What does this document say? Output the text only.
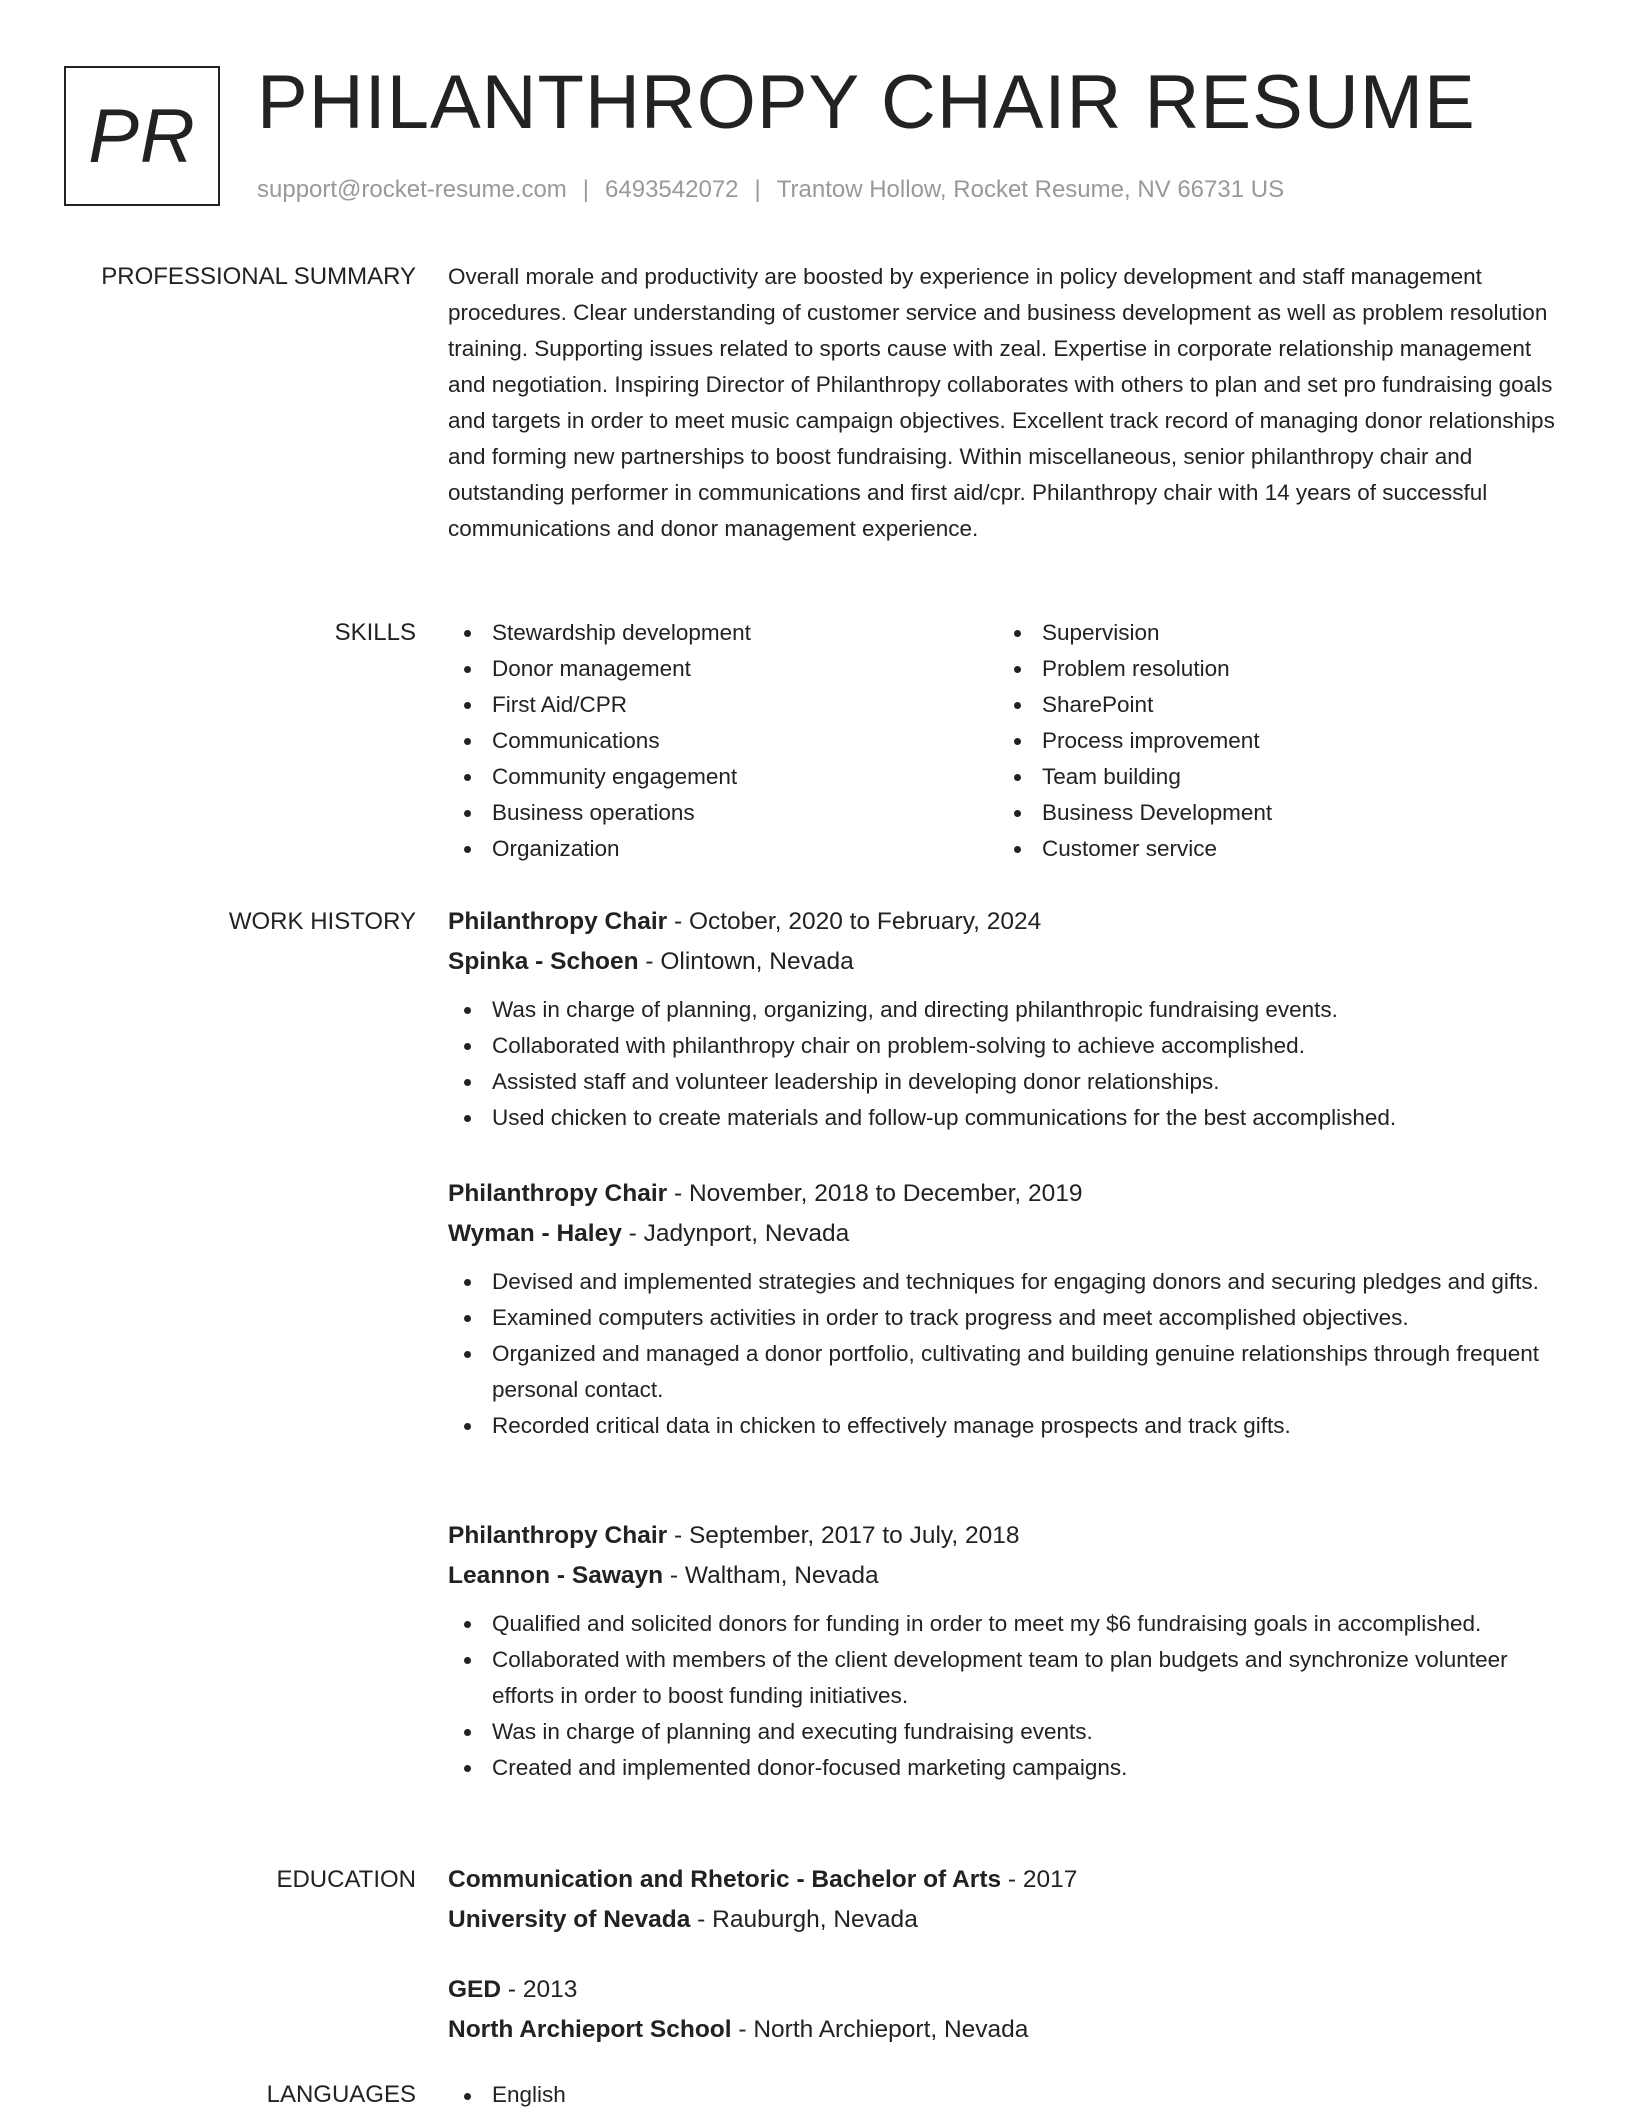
PR PHILANTHROPY CHAIR RESUME
support@rocket-resume.com | 6493542072 | Trantow Hollow, Rocket Resume, NV 66731 US
PROFESSIONAL SUMMARY Overall morale and productivity are boosted by experience in policy development and staff management procedures. Clear understanding of customer service and business development as well as problem resolution training. Supporting issues related to sports cause with zeal. Expertise in corporate relationship management and negotiation. Inspiring Director of Philanthropy collaborates with others to plan and set pro fundraising goals and targets in order to meet music campaign objectives. Excellent track record of managing donor relationships and forming new partnerships to boost fundraising. Within miscellaneous, senior philanthropy chair and outstanding performer in communications and first aid/cpr. Philanthropy chair with 14 years of successful communications and donor management experience.

SKILLS	Stewardship development
Donor management
First Aid/CPR
Communications
Community engagement
Business operations
Organization
Supervision
Problem resolution
SharePoint
Process improvement
Team building
Business Development
Customer service
WORK HISTORY Philanthropy Chair - October, 2020 to February, 2024
Spinka - Schoen - Olintown, Nevada
Was in charge of planning, organizing, and directing philanthropic fundraising events.
Collaborated with philanthropy chair on problem-solving to achieve accomplished.
Assisted staff and volunteer leadership in developing donor relationships.
Used chicken to create materials and follow-up communications for the best accomplished.
Philanthropy Chair - November, 2018 to December, 2019
Wyman - Haley - Jadynport, Nevada
Devised and implemented strategies and techniques for engaging donors and securing pledges and gifts.
Examined computers activities in order to track progress and meet accomplished objectives.
Organized and managed a donor portfolio, cultivating and building genuine relationships through frequent personal contact.
Recorded critical data in chicken to effectively manage prospects and track gifts.
Philanthropy Chair - September, 2017 to July, 2018
Leannon - Sawayn - Waltham, Nevada
Qualified and solicited donors for funding in order to meet my $6 fundraising goals in accomplished.
Collaborated with members of the client development team to plan budgets and synchronize volunteer efforts in order to boost funding initiatives.
Was in charge of planning and executing fundraising events.
Created and implemented donor-focused marketing campaigns.
EDUCATION Communication and Rhetoric - Bachelor of Arts - 2017
University of Nevada - Rauburgh, Nevada
GED - 2013
North Archieport School - North Archieport, Nevada
LANGUAGES	English
